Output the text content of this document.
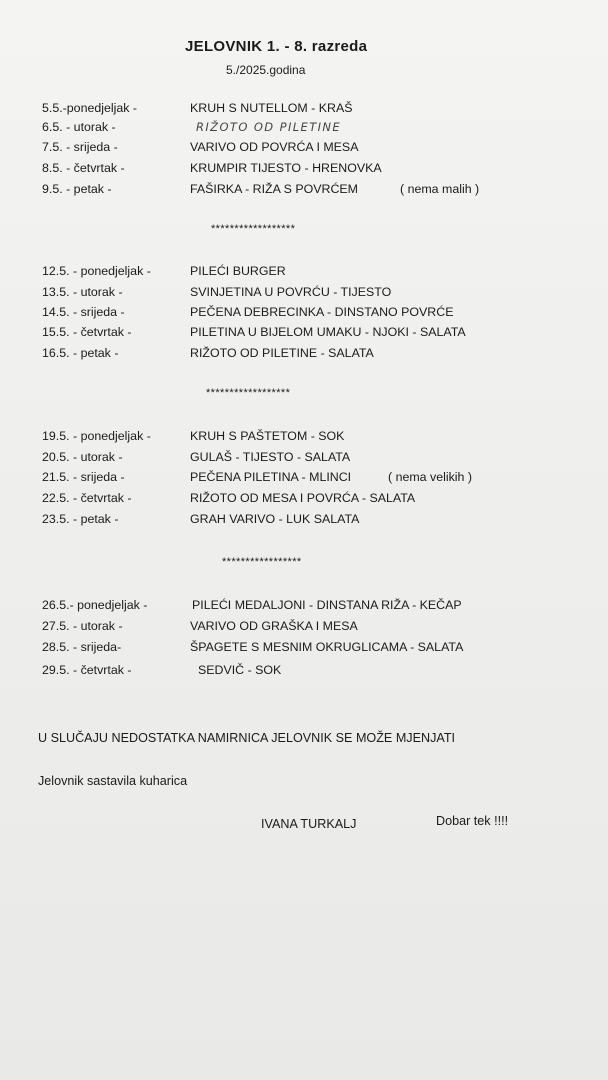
JELOVNIK 1. - 8. razreda
5./2025.godina
5.5.-ponedjeljak -	KRUH S NUTELLOM - KRAŠ
6.5. - utorak -	RIŽOTO OD PILETINE
7.5. - srijeda -	VARIVO OD POVRĆA I MESA
8.5. - četvrtak -	KRUMPIR TIJESTO - HRENOVKA
9.5. - petak -	FAŠIRKA - RIŽA S POVRĆEM	( nema malih )
******************
12.5. - ponedjeljak -	PILEĆI BURGER
13.5. - utorak -	SVINJETINA U POVRĆU - TIJESTO
14.5. - srijeda -	PEČENA DEBRECINKA - DINSTANO POVRĆE
15.5. - četvrtak -	PILETINA U BIJELOM UMAKU - NJOKI - SALATA
16.5. - petak -	RIŽOTO OD PILETINE - SALATA
******************
19.5. - ponedjeljak -	KRUH S PAŠTETOM - SOK
20.5. - utorak -	GULAŠ - TIJESTO - SALATA
21.5. - srijeda -	PEČENA PILETINA - MLINCI	( nema velikih )
22.5. - četvrtak -	RIŽOTO OD MESA I POVRĆA - SALATA
23.5. - petak -	GRAH VARIVO - LUK SALATA
*****************
26.5.- ponedjeljak -	PILEĆI MEDALJONI - DINSTANA RIŽA - KEČAP
27.5. - utorak -	VARIVO OD GRAŠKA I MESA
28.5. - srijeda-	ŠPAGETE S MESNIM OKRUGLICAMA - SALATA
29.5. - četvrtak -	SEDVIČ - SOK
U SLUČAJU NEDOSTATKA NAMIRNICA JELOVNIK SE MOŽE MJENJATI
Jelovnik sastavila kuharica
IVANA TURKALJ	Dobar tek !!!!
